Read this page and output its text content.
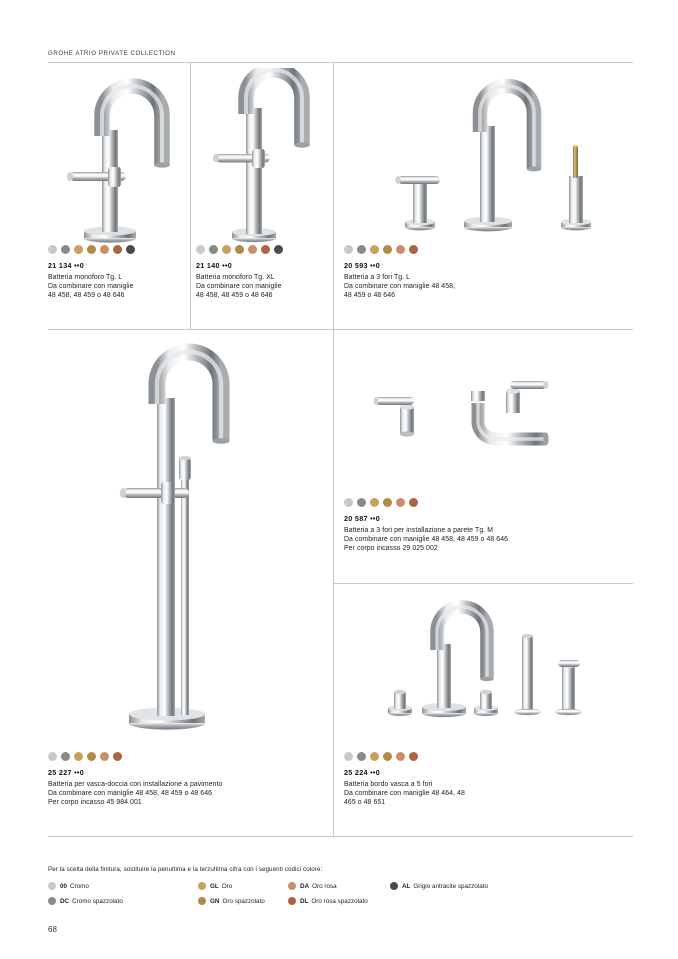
GROHE ATRIO PRIVATE COLLECTION
21 134 ••0
Batteria monoforo Tg. L
Da combinare con maniglie
48 458, 48 459 o 48 646
21 140 ••0
Batteria monoforo Tg. XL
Da combinare con maniglie
48 458, 48 459 o 48 646
20 593 ••0
Batteria a 3 fori Tg. L
Da combinare con maniglie 48 458,
48 459 o 48 646
20 587 ••0
Batteria a 3 fori per installazione a parete Tg. M
Da combinare con maniglie 48 458, 48 459 o 48 646
Per corpo incasso 29 025 002
25 227 ••0
Batteria per vasca-doccia con installazione a pavimento
Da combinare con maniglie 48 458, 48 459 o 48 646
Per corpo incasso 45 984 001
25 224 ••0
Batteria bordo vasca a 5 fori
Da combinare con maniglie 48 464, 48
465 o 48 651
Per la scelta della finitura, sostituire la penultima e la terzultima cifra con i seguenti codici colore:
00 Cromo
DC Cromo spazzolato
GL Oro
GN Oro spazzolato
DA Oro rosa
DL Oro rosa spazzolato
AL Grigio antracite spazzolato
68
